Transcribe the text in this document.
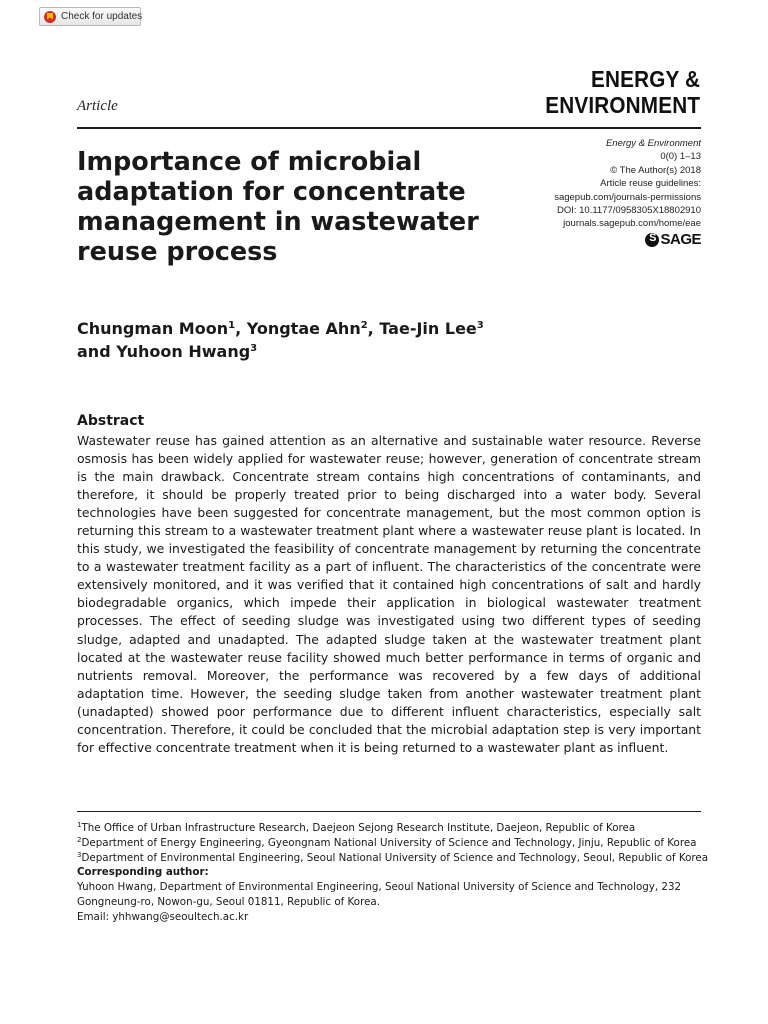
Check for updates
ENERGY &
ENVIRONMENT
Article
Importance of microbial adaptation for concentrate management in wastewater reuse process
Energy & Environment
0(0) 1–13
© The Author(s) 2018
Article reuse guidelines:
sagepub.com/journals-permissions
DOI: 10.1177/0958305X18802910
journals.sagepub.com/home/eae
S
SAGE
Chungman Moon$^1$, Yongtae Ahn$^2$, Tae-Jin Lee$^3$
and Yuhoon Hwang$^3$
Abstract

Wastewater reuse has gained attention as an alternative and sustainable water resource. Reverse osmosis has been widely applied for wastewater reuse; however, generation of concentrate stream is the main drawback. Concentrate stream contains high concentrations of contaminants, and therefore, it should be properly treated prior to being discharged into a water body. Several technologies have been suggested for concentrate management, but the most common option is returning this stream to a wastewater treatment plant where a wastewater reuse plant is located. In this study, we investigated the feasibility of concentrate management by returning the concentrate to a wastewater treatment facility as a part of influent. The characteristics of the concentrate were extensively monitored, and it was verified that it contained high concentrations of salt and hardly biodegradable organics, which impede their application in biological wastewater treatment processes. The effect of seeding sludge was investigated using two different types of seeding sludge, adapted and unadapted. The adapted sludge taken at the wastewater treatment plant located at the wastewater reuse facility showed much better performance in terms of organic and nutrients removal. Moreover, the performance was recovered by a few days of additional adaptation time. However, the seeding sludge taken from another wastewater treatment plant (unadapted) showed poor performance due to different influent characteristics, especially salt concentration. Therefore, it could be concluded that the microbial adaptation step is very important for effective concentrate treatment when it is being returned to a wastewater plant as influent.

$^1$The Office of Urban Infrastructure Research, Daejeon Sejong Research Institute, Daejeon, Republic of Korea
$^2$Department of Energy Engineering, Gyeongnam National University of Science and Technology, Jinju, Republic of Korea
$^3$Department of Environmental Engineering, Seoul National University of Science and Technology, Seoul, Republic of Korea
Corresponding author:
Yuhoon Hwang, Department of Environmental Engineering, Seoul National University of Science and Technology, 232
Gongneung-ro, Nowon-gu, Seoul 01811, Republic of Korea.
Email: yhhwang@seoultech.ac.kr
